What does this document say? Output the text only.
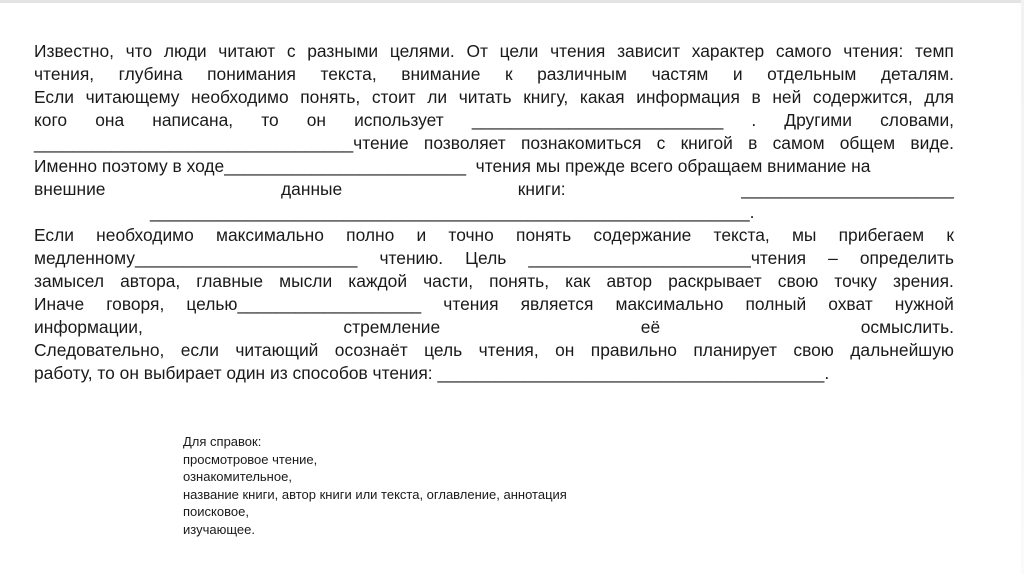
Известно, что люди читают с разными целями. От цели чтения зависит характер самого чтения: темп
чтения, глубина понимания текста, внимание к различным частям и отдельным деталям.
Если читающему необходимо понять, стоит ли читать книгу, какая информация в ней содержится, для
кого она написана, то он использует __________________________ . Другими словами,
_________________________________чтение позволяет познакомиться с книгой в самом общем виде.
Именно поэтому в ходе_________________________  чтения мы прежде всего обращаем внимание на
внешние	данные	книги:	______________________
______________________________________________________________.
Если необходимо максимально полно и точно понять содержание текста, мы прибегаем к
медленному_______________________ чтению. Цель _______________________чтения – определить
замысел автора, главные мысли каждой части, понять, как автор раскрывает свою точку зрения.
Иначе говоря, целью___________________ чтения является максимально полный охват нужной
информации,	стремление	её	осмыслить.
Следовательно, если читающий осознаёт цель чтения, он правильно планирует свою дальнейшую
работу, то он выбирает один из способов чтения: ________________________________________.
Для справок:
просмотровое чтение,
ознакомительное,
название книги, автор книги или текста, оглавление, аннотация
поисковое,
изучающее.
